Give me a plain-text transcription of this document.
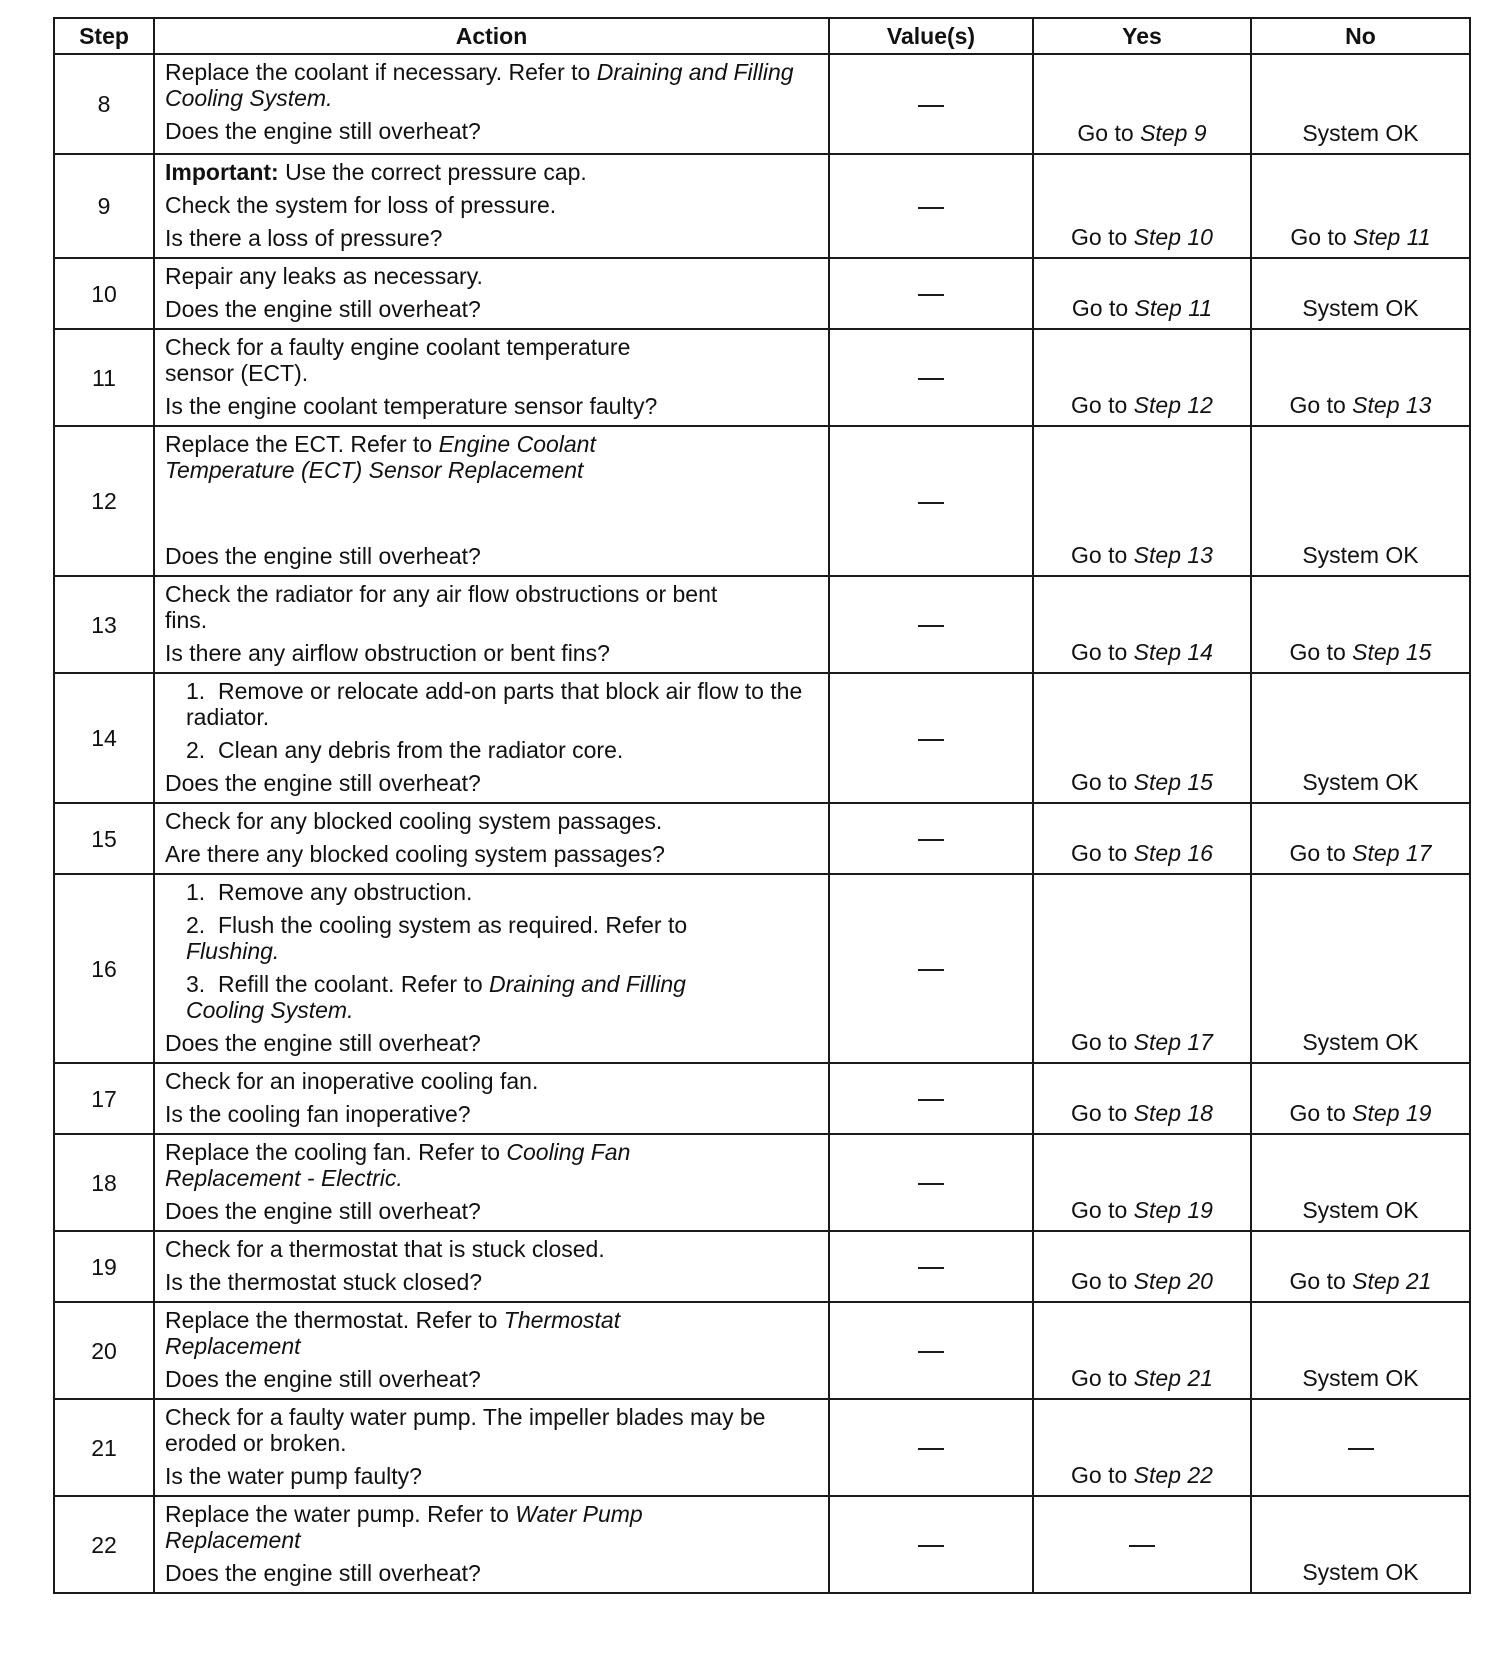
Step	Action	Value(s)	Yes	No
8	Replace the coolant if necessary. Refer to Draining and Filling Cooling System.
Does the engine still overheat?		Go to Step 9	System OK
9	Important: Use the correct pressure cap.
Check the system for loss of pressure.
Is there a loss of pressure?		Go to Step 10	Go to Step 11
10	Repair any leaks as necessary.
Does the engine still overheat?		Go to Step 11	System OK
11	Check for a faulty engine coolant temperature sensor (ECT).
Is the engine coolant temperature sensor faulty?		Go to Step 12	Go to Step 13
12	Replace the ECT. Refer to Engine Coolant Temperature (ECT) Sensor Replacement
Does the engine still overheat?		Go to Step 13	System OK
13	Check the radiator for any air flow obstructions or bent fins.
Is there any airflow obstruction or bent fins?		Go to Step 14	Go to Step 15
14	1. Remove or relocate add-on parts that block air flow to the radiator.
2. Clean any debris from the radiator core.
Does the engine still overheat?		Go to Step 15	System OK
15	Check for any blocked cooling system passages.
Are there any blocked cooling system passages?		Go to Step 16	Go to Step 17
16	1. Remove any obstruction.
2. Flush the cooling system as required. Refer to Flushing.
3. Refill the coolant. Refer to Draining and Filling Cooling System.
Does the engine still overheat?		Go to Step 17	System OK
17	Check for an inoperative cooling fan.
Is the cooling fan inoperative?		Go to Step 18	Go to Step 19
18	Replace the cooling fan. Refer to Cooling Fan Replacement - Electric.
Does the engine still overheat?		Go to Step 19	System OK
19	Check for a thermostat that is stuck closed.
Is the thermostat stuck closed?		Go to Step 20	Go to Step 21
20	Replace the thermostat. Refer to Thermostat Replacement
Does the engine still overheat?		Go to Step 21	System OK
21	Check for a faulty water pump. The impeller blades may be eroded or broken.
Is the water pump faulty?		Go to Step 22	
22	Replace the water pump. Refer to Water Pump Replacement
Does the engine still overheat?			System OK
